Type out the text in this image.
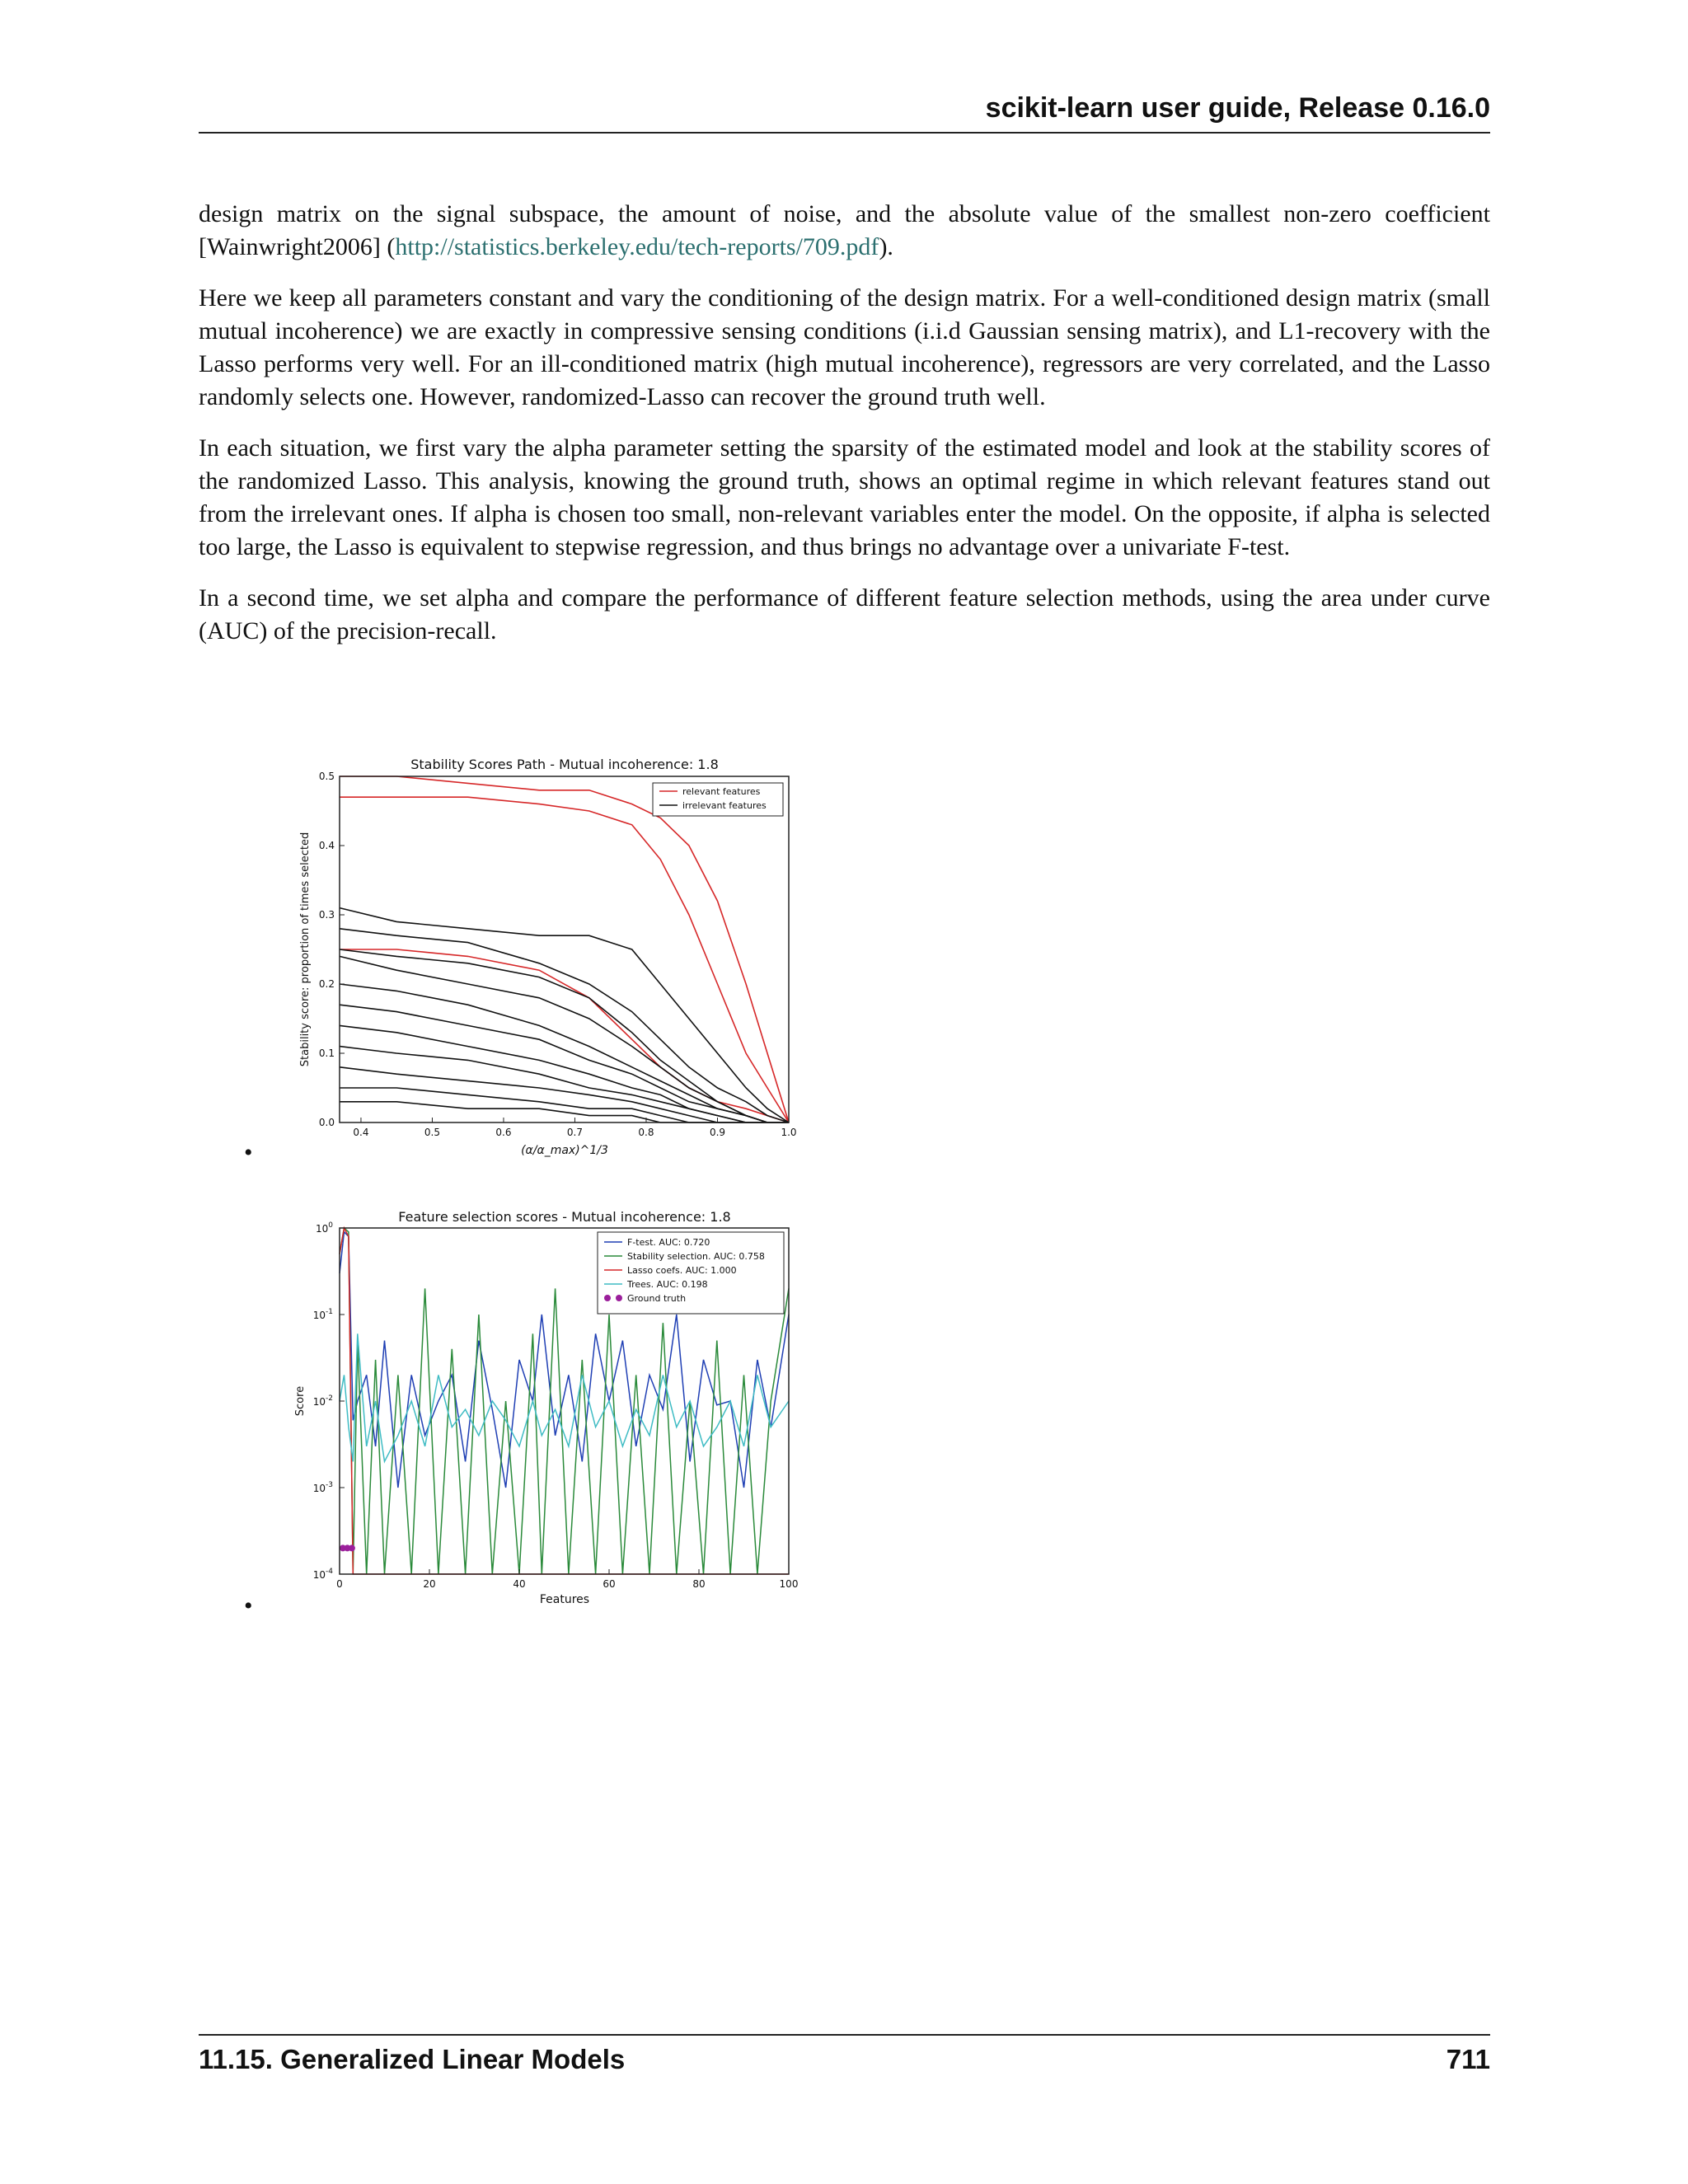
scikit-learn user guide, Release 0.16.0

design matrix on the signal subspace, the amount of noise, and the absolute value of the smallest non-zero coefficient [Wainwright2006] (http://statistics.berkeley.edu/tech-reports/709.pdf).

Here we keep all parameters constant and vary the conditioning of the design matrix. For a well-conditioned design matrix (small mutual incoherence) we are exactly in compressive sensing conditions (i.i.d Gaussian sensing matrix), and L1-recovery with the Lasso performs very well. For an ill-conditioned matrix (high mutual incoherence), regressors are very correlated, and the Lasso randomly selects one. However, randomized-Lasso can recover the ground truth well.

In each situation, we first vary the alpha parameter setting the sparsity of the estimated model and look at the stability scores of the randomized Lasso. This analysis, knowing the ground truth, shows an optimal regime in which relevant features stand out from the irrelevant ones. If alpha is chosen too small, non-relevant variables enter the model. On the opposite, if alpha is selected too large, the Lasso is equivalent to stepwise regression, and thus brings no advantage over a univariate F-test.

In a second time, we set alpha and compare the performance of different feature selection methods, using the area under curve (AUC) of the precision-recall.

Stability Scores Path - Mutual incoherence: 1.8
0.4	0.5	0.6	0.7	0.8	0.9	1.0
0.0
0.1
0.2
0.3
0.4
0.5
Stability score: proportion of times selected
(α/α_max)^1/3
relevant features
irrelevant features
•
Feature selection scores - Mutual incoherence: 1.8
0	20	40	60	80	100
$10^{-4}$
$10^{-3}$
$10^{-2}$
$10^{-1}$
$10^0$
Score
Features
F-test. AUC: 0.720
Stability selection. AUC: 0.758
Lasso coefs. AUC: 1.000
Trees. AUC: 0.198
Ground truth
•
11.15. Generalized Linear Models	711
